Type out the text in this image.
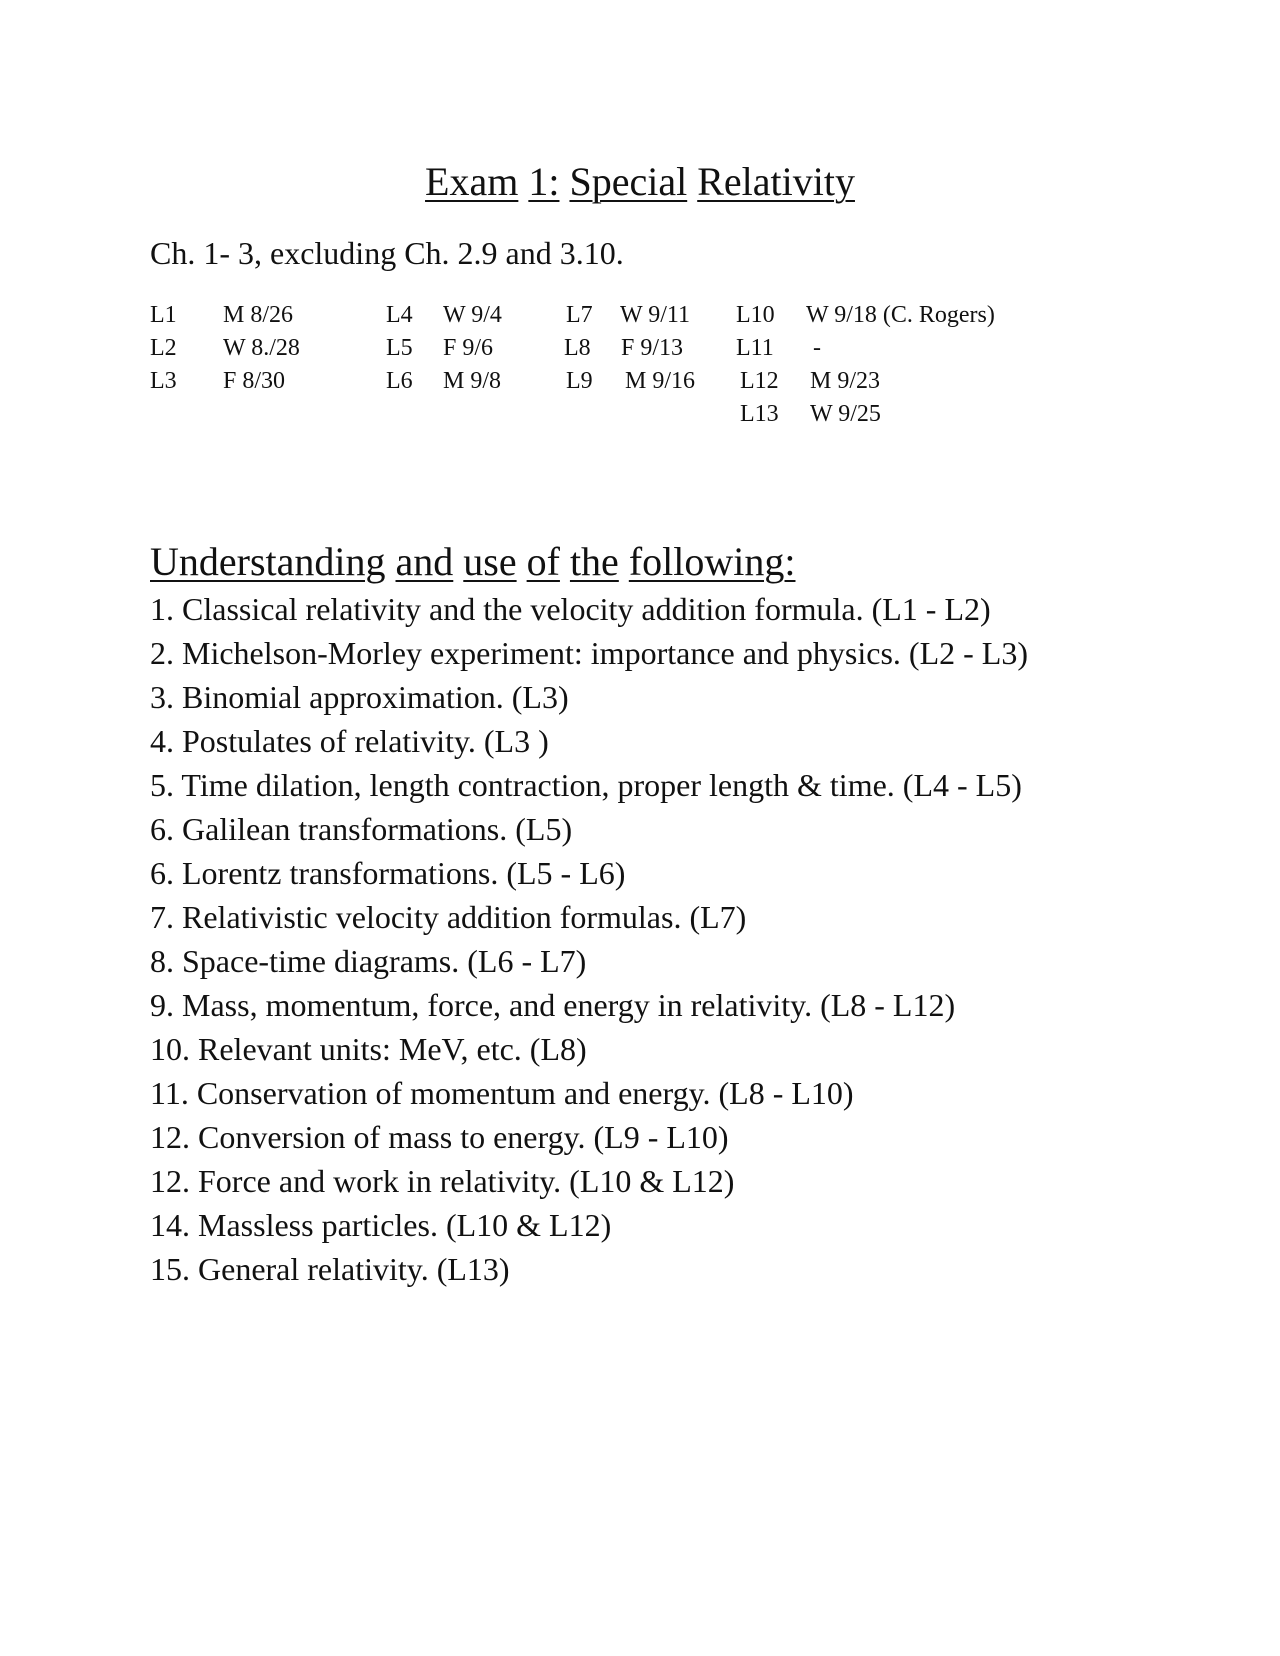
Exam 1: Special Relativity

Ch. 1- 3, excluding Ch. 2.9 and 3.10.

L1 M 8/26
L2 W 8./28
L3 F 8/30
L4 W 9/4
L5 F 9/6
L6 M 9/8
L7 W 9/11
L8 F 9/13
L9 M 9/16
L10 W 9/18 (C. Rogers)
L11 -
L12 M 9/23
L13 W 9/25
Understanding and use of the following:
1. Classical relativity and the velocity addition formula. (L1 - L2)
2. Michelson-Morley experiment: importance and physics. (L2 - L3)
3. Binomial approximation. (L3)
4. Postulates of relativity. (L3 )
5. Time dilation, length contraction, proper length & time. (L4 - L5)
6. Galilean transformations. (L5)
6. Lorentz transformations. (L5 - L6)
7. Relativistic velocity addition formulas. (L7)
8. Space-time diagrams. (L6 - L7)
9. Mass, momentum, force, and energy in relativity. (L8 - L12)
10. Relevant units: MeV, etc. (L8)
11. Conservation of momentum and energy. (L8 - L10)
12. Conversion of mass to energy. (L9 - L10)
12. Force and work in relativity. (L10 & L12)
14. Massless particles. (L10 & L12)
15. General relativity. (L13)
